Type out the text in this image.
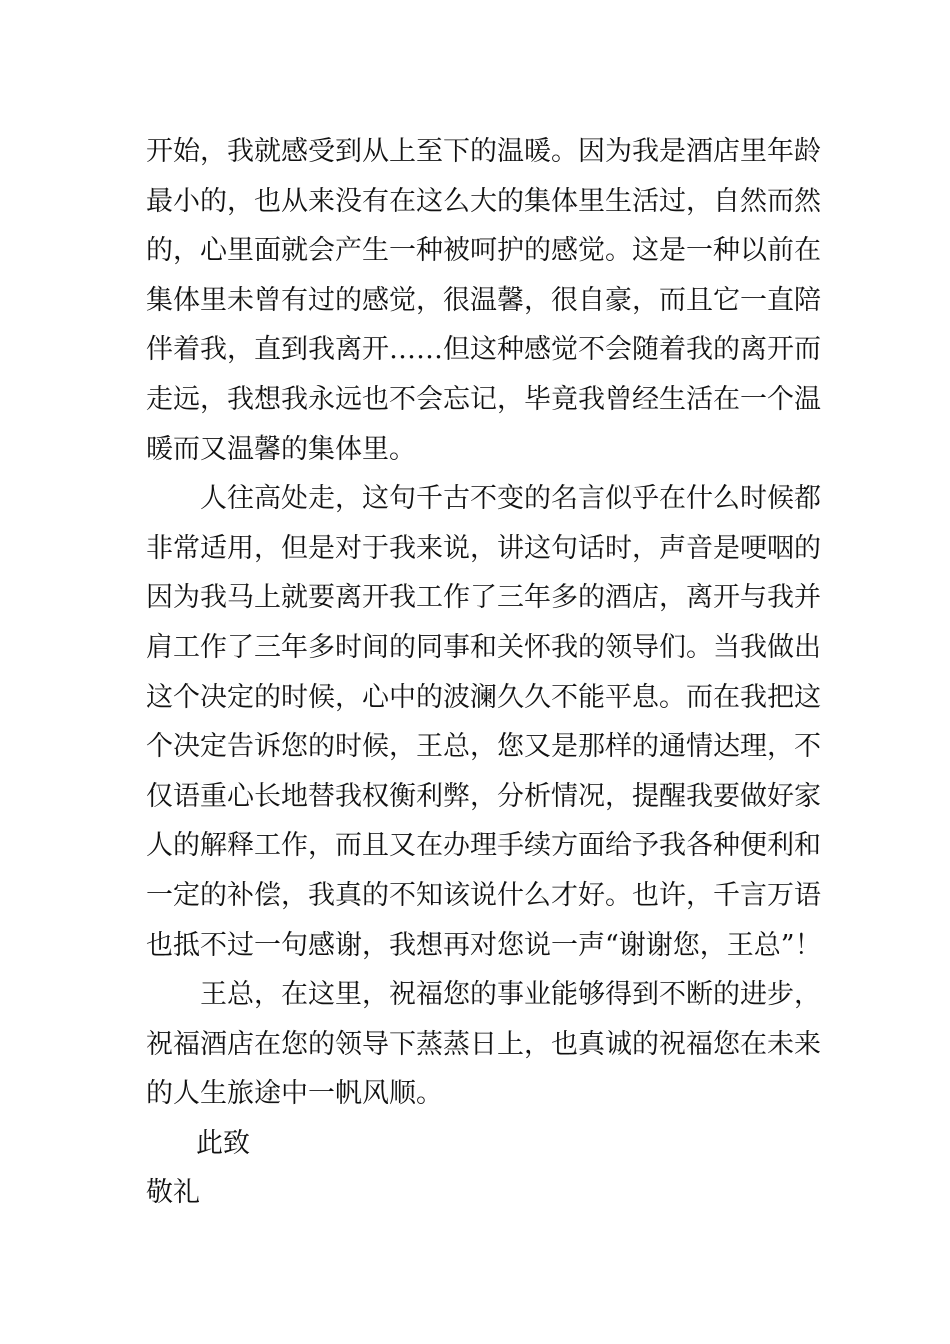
开始，我就感受到从上至下的温暖。因为我是酒店里年龄
最小的，也从来没有在这么大的集体里生活过，自然而然
的，心里面就会产生一种被呵护的感觉。这是一种以前在
集体里未曾有过的感觉，很温馨，很自豪，而且它一直陪
伴着我，直到我离开……但这种感觉不会随着我的离开而
走远，我想我永远也不会忘记，毕竟我曾经生活在一个温
暖而又温馨的集体里。
人往高处走，这句千古不变的名言似乎在什么时候都
非常适用，但是对于我来说，讲这句话时，声音是哽咽的
因为我马上就要离开我工作了三年多的酒店，离开与我并
肩工作了三年多时间的同事和关怀我的领导们。当我做出
这个决定的时候，心中的波澜久久不能平息。而在我把这
个决定告诉您的时候，王总，您又是那样的通情达理，不
仅语重心长地替我权衡利弊，分析情况，提醒我要做好家
人的解释工作，而且又在办理手续方面给予我各种便利和
一定的补偿，我真的不知该说什么才好。也许，千言万语
也抵不过一句感谢，我想再对您说一声“谢谢您，王总”！
王总，在这里，祝福您的事业能够得到不断的进步，
祝福酒店在您的领导下蒸蒸日上，也真诚的祝福您在未来
的人生旅途中一帆风顺。
此致
敬礼
